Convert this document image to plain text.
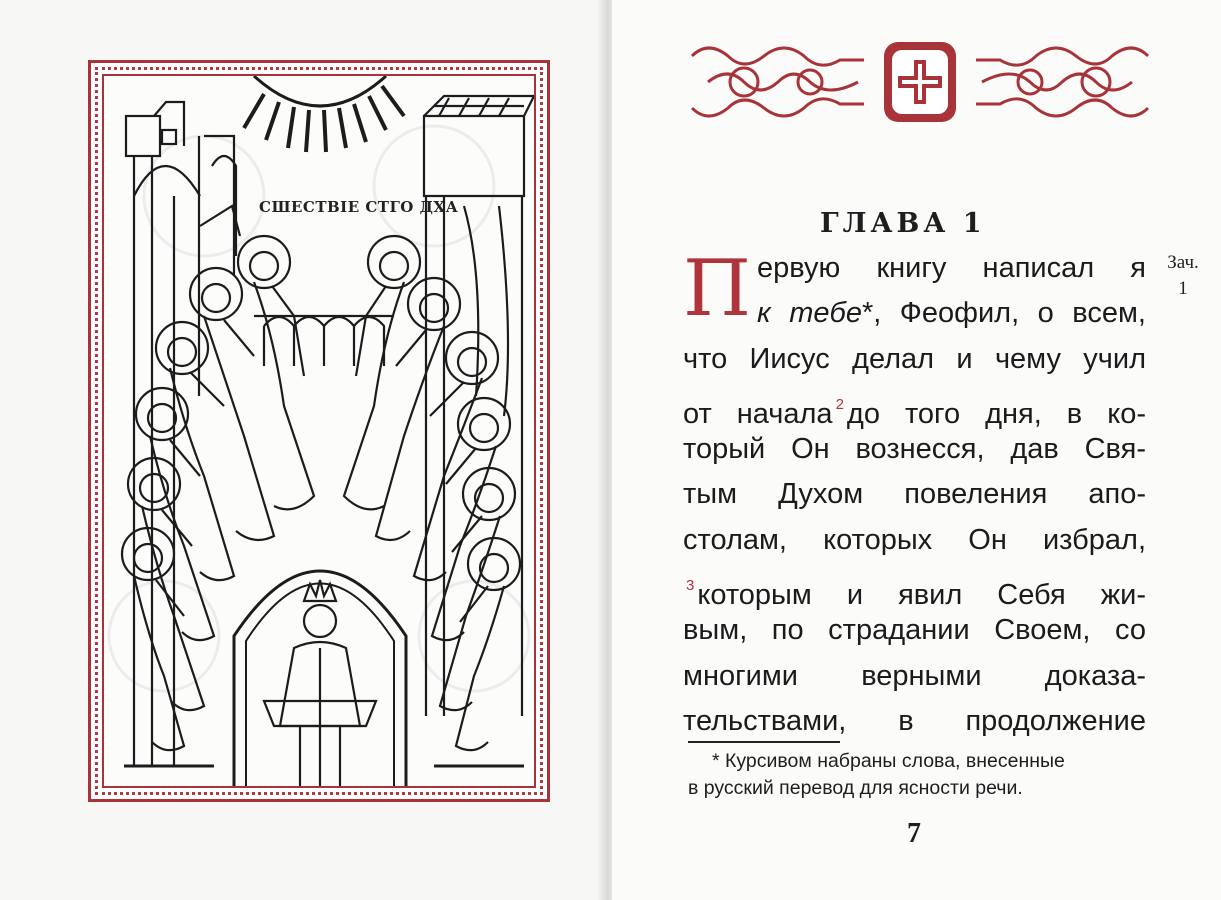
СШЕСТВІЕ СТГО ДХА
ГЛАВА 1
Зач.
1
П ервую книгу написал я
к тебе*, Феофил, о всем,
что Иисус делал и чему учил
от начала $^2$ до того дня, в ко-
торый Он вознесся, дав Свя-
тым Духом повеления апо-
столам, которых Он избрал,
$^3$ которым и явил Себя жи-
вым, по страдании Своем, со
многими верными доказа-
тельствами, в продолжение
* Курсивом набраны слова, внесенные
в русский перевод для ясности речи.
7
